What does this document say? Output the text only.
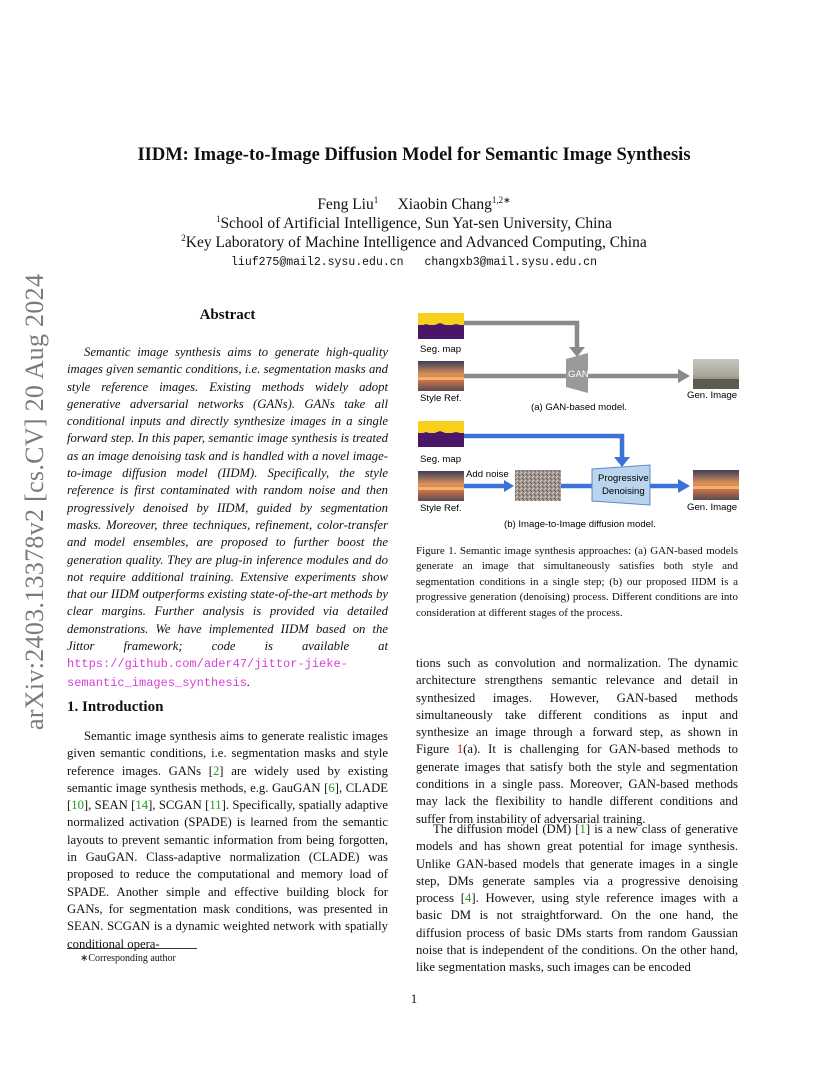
arXiv:2403.13378v2 [cs.CV] 20 Aug 2024
IIDM: Image-to-Image Diffusion Model for Semantic Image Synthesis
Feng Liu$^1$ Xiaobin Chang$^{1,2∗}$
$^1$School of Artificial Intelligence, Sun Yat-sen University, China
$^2$Key Laboratory of Machine Intelligence and Advanced Computing, China
liuf275@mail2.sysu.edu.cn changxb3@mail.sysu.edu.cn
Abstract
Semantic image synthesis aims to generate high-quality images given semantic conditions, i.e. segmentation masks and style reference images. Existing methods widely adopt generative adversarial networks (GANs). GANs take all conditional inputs and directly synthesize images in a single forward step. In this paper, semantic image synthesis is treated as an image denoising task and is handled with a novel image-to-image diffusion model (IIDM). Specifically, the style reference is first contaminated with random noise and then progressively denoised by IIDM, guided by segmentation masks. Moreover, three techniques, refinement, color-transfer and model ensembles, are proposed to further boost the generation quality. They are plug-in inference modules and do not require additional training. Extensive experiments show that our IIDM outperforms existing state-of-the-art methods by clear margins. Further analysis is provided via detailed demonstrations. We have implemented IIDM based on the Jittor framework; code is available at https://github.com/ader47/jittor-jieke-semantic_images_synthesis.
1. Introduction
Semantic image synthesis aims to generate realistic images given semantic conditions, i.e. segmentation masks and style reference images. GANs [2] are widely used by existing semantic image synthesis methods, e.g. GauGAN [6], CLADE [10], SEAN [14], SCGAN [11]. Specifically, spatially adaptive normalized activation (SPADE) is learned from the semantic layouts to prevent semantic information from being forgotten, in GauGAN. Class-adaptive normalization (CLADE) was proposed to reduce the computational and memory load of SPADE. Another simple and effective building block for GANs, for segmentation mask conditions, was presented in SEAN. SCGAN is a dynamic weighted network with spatially conditional opera-
∗Corresponding author
1
Seg. map
Style Ref.
GAN
Gen. Image
(a) GAN-based model.
Seg. map
Style Ref.
Add noise	Progressive
Denoising
Gen. Image
(b) Image-to-Image diffusion model.
Figure 1. Semantic image synthesis approaches: (a) GAN-based models generate an image that simultaneously satisfies both style and segmentation conditions in a single step; (b) our proposed IIDM is a progressive generation (denoising) process. Different conditions are into consideration at different stages of the process.
tions such as convolution and normalization. The dynamic architecture strengthens semantic relevance and detail in synthesized images. However, GAN-based methods simultaneously take different conditions as input and synthesize an image through a forward step, as shown in Figure 1(a). It is challenging for GAN-based methods to generate images that satisfy both the style and segmentation conditions in a single pass. Moreover, GAN-based methods may lack the flexibility to handle different conditions and suffer from instability of adversarial training.
The diffusion model (DM) [1] is a new class of generative models and has shown great potential for image synthesis. Unlike GAN-based models that generate images in a single step, DMs generate samples via a progressive denoising process [4]. However, using style reference images with a basic DM is not straightforward. On the one hand, the diffusion process of basic DMs starts from random Gaussian noise that is independent of the conditions. On the other hand, like segmentation masks, such images can be encoded
